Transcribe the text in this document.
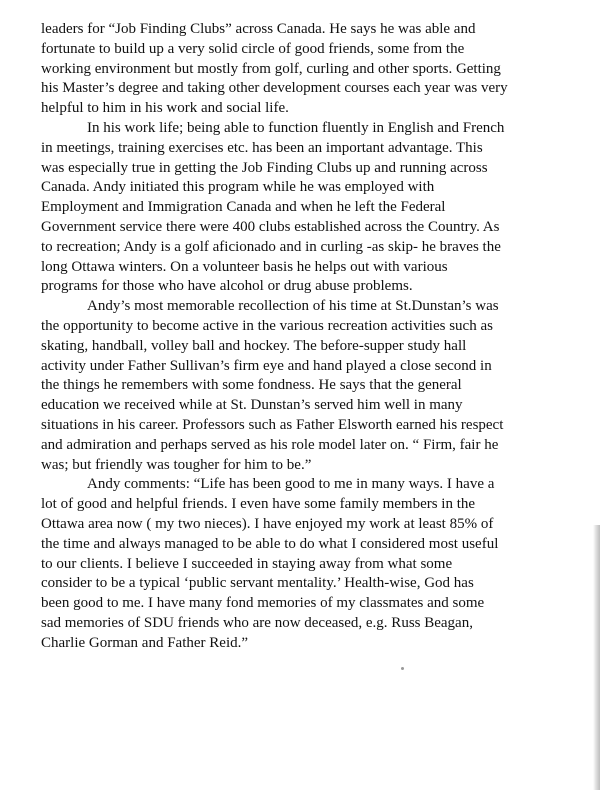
leaders for “Job Finding Clubs” across Canada. He says he was able and
fortunate to build up a very solid circle of good friends, some from the
working environment but mostly from golf, curling and other sports. Getting
his Master’s degree and taking other development courses each year was very
helpful to him in his work and social life.
In his work life; being able to function fluently in English and French
in meetings, training exercises etc. has been an important advantage. This
was especially true in getting the Job Finding Clubs up and running across
Canada. Andy initiated this program while he was employed with
Employment and Immigration Canada and when he left the Federal
Government service there were 400 clubs established across the Country. As
to recreation; Andy is a golf aficionado and in curling -as skip- he braves the
long Ottawa winters. On a volunteer basis he helps out with various
programs for those who have alcohol or drug abuse problems.
Andy’s most memorable recollection of his time at St.Dunstan’s was
the opportunity to become active in the various recreation activities such as
skating, handball, volley ball and hockey. The before-supper study hall
activity under Father Sullivan’s firm eye and hand played a close second in
the things he remembers with some fondness. He says that the general
education we received while at St. Dunstan’s served him well in many
situations in his career. Professors such as Father Elsworth earned his respect
and admiration and perhaps served as his role model later on. “ Firm, fair he
was; but friendly was tougher for him to be.”
Andy comments: “Life has been good to me in many ways. I have a
lot of good and helpful friends. I even have some family members in the
Ottawa area now ( my two nieces). I have enjoyed my work at least 85% of
the time and always managed to be able to do what I considered most useful
to our clients. I believe I succeeded in staying away from what some
consider to be a typical ‘public servant mentality.’ Health-wise, God has
been good to me. I have many fond memories of my classmates and some
sad memories of SDU friends who are now deceased, e.g. Russ Beagan,
Charlie Gorman and Father Reid.”
